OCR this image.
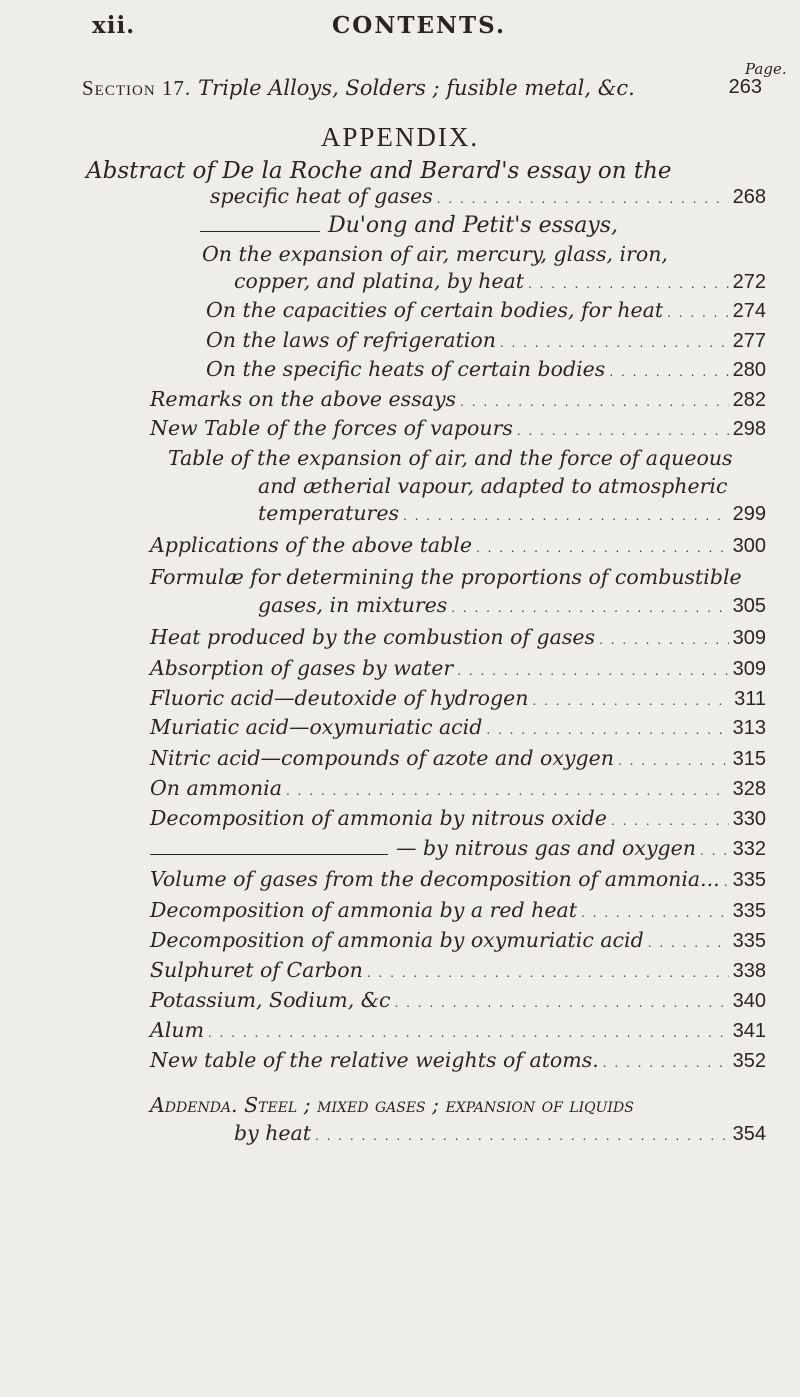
xii.	CONTENTS.
Page.
Section 17. Triple Alloys, Solders ; fusible metal, &c.	263
APPENDIX.
Abstract of De la Roche and Berard's essay on the
specific heat of gases . . .	268
Du'ong and Petit's essays,
On the expansion of air, mercury, glass, iron,
copper, and platina, by heat . . .	272
On the capacities of certain bodies, for heat . . .	274
On the laws of refrigeration . . .	277
On the specific heats of certain bodies . . .	280
Remarks on the above essays . . .	282
New Table of the forces of vapours . . .	298
Table of the expansion of air, and the force of aqueous
and ætherial vapour, adapted to atmospheric
temperatures . . .	299
Applications of the above table . . .	300
Formulæ for determining the proportions of combustible
gases, in mixtures . . .	305
Heat produced by the combustion of gases . . .	309
Absorption of gases by water . . .	309
Fluoric acid—deutoxide of hydrogen . . .	311
Muriatic acid—oxymuriatic acid . . .	313
Nitric acid—compounds of azote and oxygen . . .	315
On ammonia . . .	328
Decomposition of ammonia by nitrous oxide . . .	330
— by nitrous gas and oxygen . . . 332
Volume of gases from the decomposition of ammonia... . . . 335
Decomposition of ammonia by a red heat . . .	335
Decomposition of ammonia by oxymuriatic acid . . .	335
Sulphuret of Carbon . . .	338
Potassium, Sodium, &c . . .	340
Alum . . .	341
New table of the relative weights of atoms. . . .	352
Addenda. Steel ; mixed gases ; expansion of liquids
by heat . . .	354
